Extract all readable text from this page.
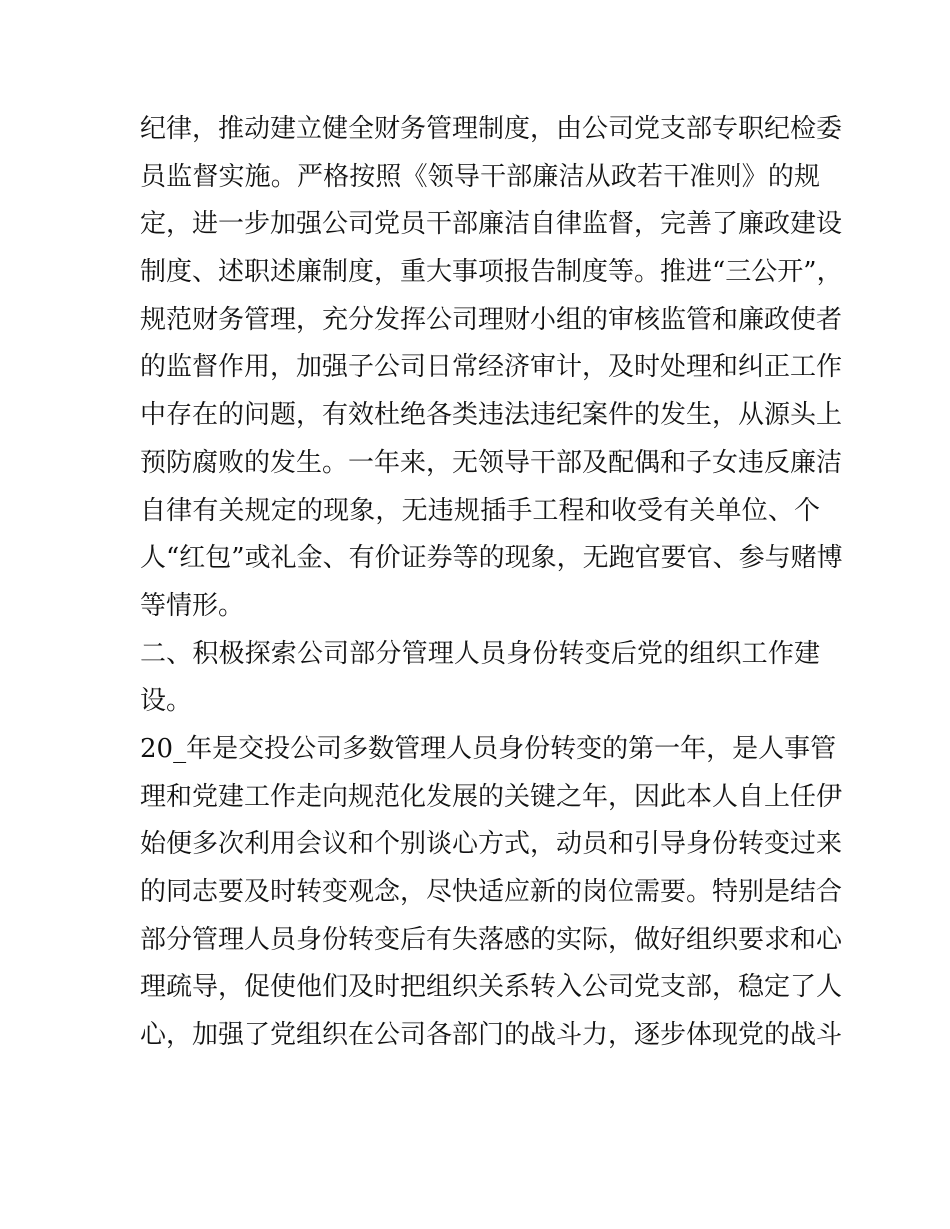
纪律，推动建立健全财务管理制度，由公司党支部专职纪检委
员监督实施。严格按照《领导干部廉洁从政若干准则》的规
定，进一步加强公司党员干部廉洁自律监督，完善了廉政建设
制度、述职述廉制度，重大事项报告制度等。推进“三公开”，
规范财务管理，充分发挥公司理财小组的审核监管和廉政使者
的监督作用，加强子公司日常经济审计，及时处理和纠正工作
中存在的问题，有效杜绝各类违法违纪案件的发生，从源头上
预防腐败的发生。一年来，无领导干部及配偶和子女违反廉洁
自律有关规定的现象，无违规插手工程和收受有关单位、个
人“红包”或礼金、有价证券等的现象，无跑官要官、参与赌博
等情形。
二、积极探索公司部分管理人员身份转变后党的组织工作建
设。
20_年是交投公司多数管理人员身份转变的第一年，是人事管
理和党建工作走向规范化发展的关键之年，因此本人自上任伊
始便多次利用会议和个别谈心方式，动员和引导身份转变过来
的同志要及时转变观念，尽快适应新的岗位需要。特别是结合
部分管理人员身份转变后有失落感的实际，做好组织要求和心
理疏导，促使他们及时把组织关系转入公司党支部，稳定了人
心，加强了党组织在公司各部门的战斗力，逐步体现党的战斗
